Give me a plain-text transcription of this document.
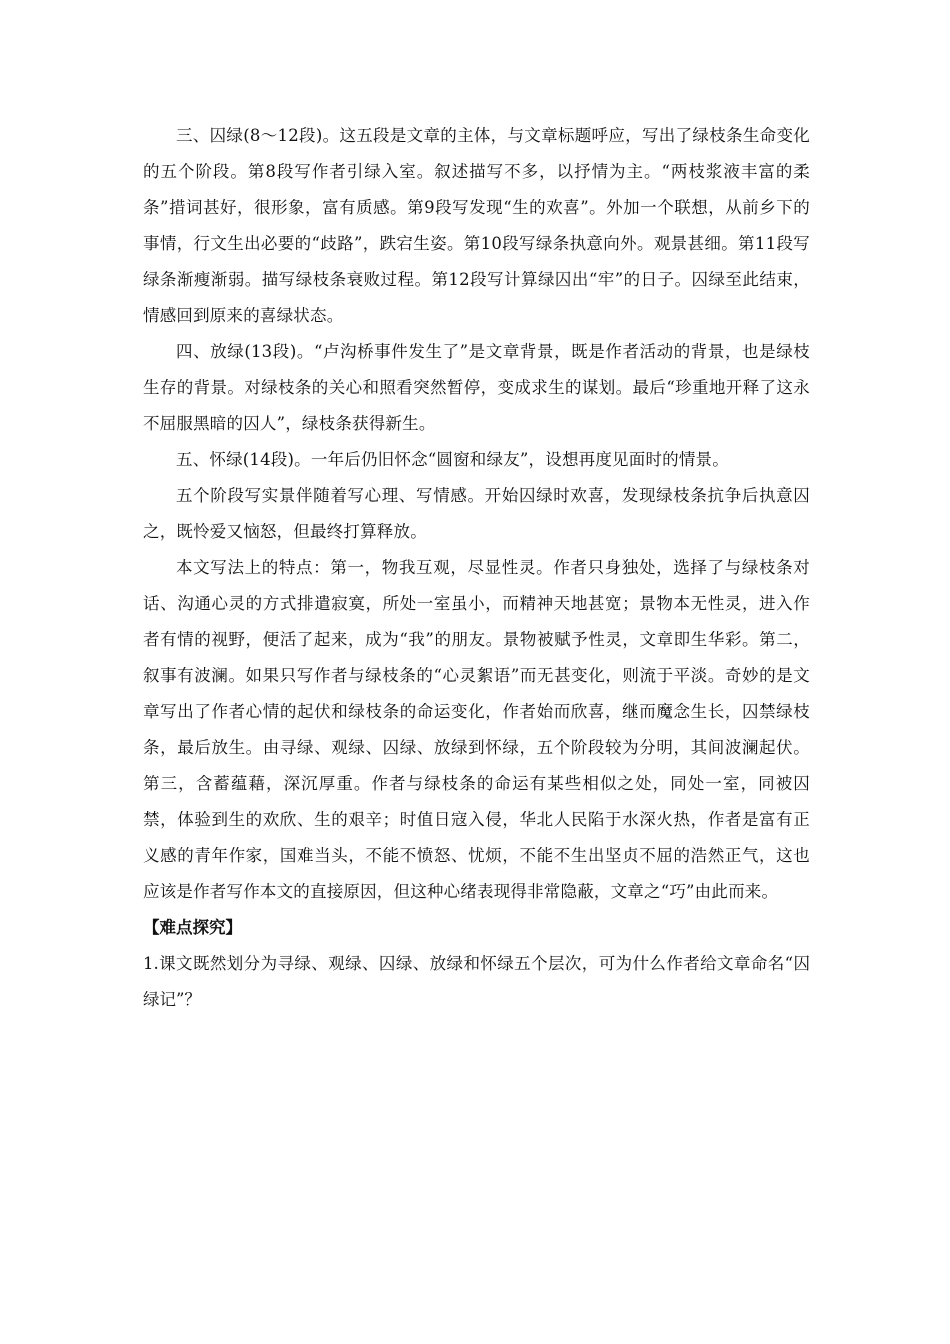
三、囚绿(8～12段)。这五段是文章的主体，与文章标题呼应，写出了绿枝条生命变化的五个阶段。第8段写作者引绿入室。叙述描写不多，以抒情为主。“两枝浆液丰富的柔条”措词甚好，很形象，富有质感。第9段写发现“生的欢喜”。外加一个联想，从前乡下的事情，行文生出必要的“歧路”，跌宕生姿。第10段写绿条执意向外。观景甚细。第11段写绿条渐瘦渐弱。描写绿枝条衰败过程。第12段写计算绿囚出“牢”的日子。囚绿至此结束，情感回到原来的喜绿状态。

四、放绿(13段)。“卢沟桥事件发生了”是文章背景，既是作者活动的背景，也是绿枝生存的背景。对绿枝条的关心和照看突然暂停，变成求生的谋划。最后“珍重地开释了这永不屈服黑暗的囚人”，绿枝条获得新生。

五、怀绿(14段)。一年后仍旧怀念“圆窗和绿友”，设想再度见面时的情景。

五个阶段写实景伴随着写心理、写情感。开始囚绿时欢喜，发现绿枝条抗争后执意囚之，既怜爱又恼怒，但最终打算释放。

本文写法上的特点：第一，物我互观，尽显性灵。作者只身独处，选择了与绿枝条对话、沟通心灵的方式排遣寂寞，所处一室虽小，而精神天地甚宽；景物本无性灵，进入作者有情的视野，便活了起来，成为“我”的朋友。景物被赋予性灵，文章即生华彩。第二，叙事有波澜。如果只写作者与绿枝条的“心灵絮语”而无甚变化，则流于平淡。奇妙的是文章写出了作者心情的起伏和绿枝条的命运变化，作者始而欣喜，继而魔念生长，囚禁绿枝条，最后放生。由寻绿、观绿、囚绿、放绿到怀绿，五个阶段较为分明，其间波澜起伏。第三，含蓄蕴藉，深沉厚重。作者与绿枝条的命运有某些相似之处，同处一室，同被囚禁，体验到生的欢欣、生的艰辛；时值日寇入侵，华北人民陷于水深火热，作者是富有正义感的青年作家，国难当头，不能不愤怒、忧烦，不能不生出坚贞不屈的浩然正气，这也应该是作者写作本文的直接原因，但这种心绪表现得非常隐蔽，文章之“巧”由此而来。

【难点探究】

1.课文既然划分为寻绿、观绿、囚绿、放绿和怀绿五个层次，可为什么作者给文章命名“囚绿记”？
